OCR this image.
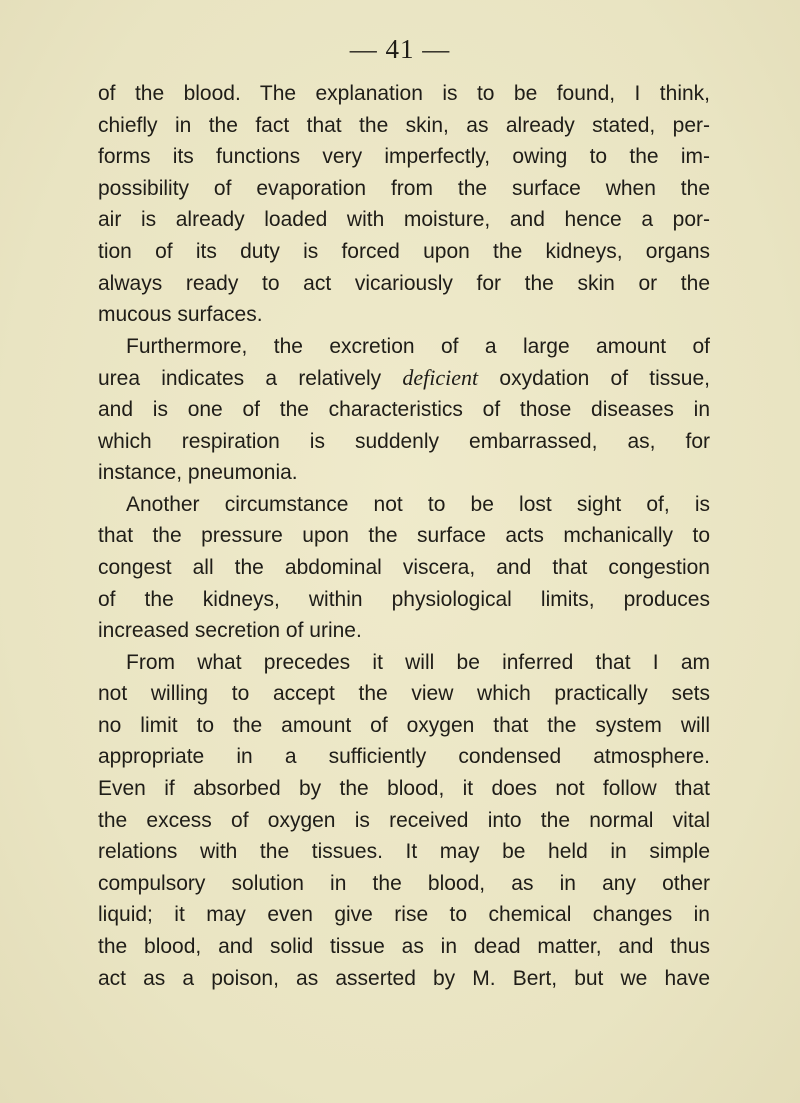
— 41 —
of the blood. The explanation is to be found, I think,
chiefly in the fact that the skin, as already stated, per-
forms its functions very imperfectly, owing to the im-
possibility of evaporation from the surface when the
air is already loaded with moisture, and hence a por-
tion of its duty is forced upon the kidneys, organs
always ready to act vicariously for the skin or the
mucous surfaces.
Furthermore, the excretion of a large amount of
urea indicates a relatively deficient oxydation of tissue,
and is one of the characteristics of those diseases in
which respiration is suddenly embarrassed, as, for
instance, pneumonia.
Another circumstance not to be lost sight of, is
that the pressure upon the surface acts mchanically to
congest all the abdominal viscera, and that congestion
of the kidneys, within physiological limits, produces
increased secretion of urine.
From what precedes it will be inferred that I am
not willing to accept the view which practically sets
no limit to the amount of oxygen that the system will
appropriate in a sufficiently condensed atmosphere.
Even if absorbed by the blood, it does not follow that
the excess of oxygen is received into the normal vital
relations with the tissues. It may be held in simple
compulsory solution in the blood, as in any other
liquid; it may even give rise to chemical changes in
the blood, and solid tissue as in dead matter, and thus
act as a poison, as asserted by M. Bert, but we have
